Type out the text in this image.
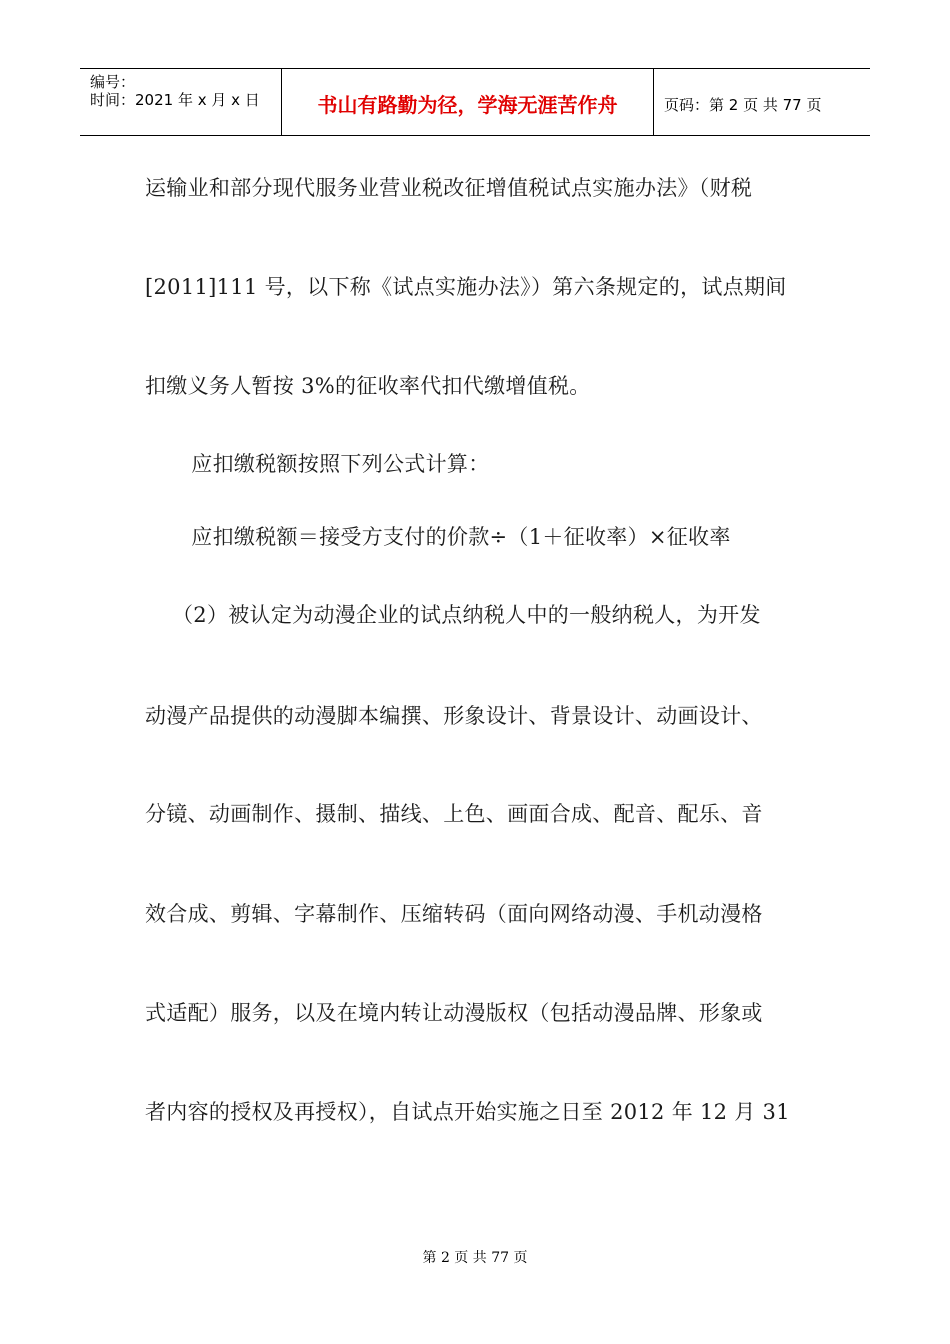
编号：
时间：2021 年 x 月 x 日	书山有路勤为径，学海无涯苦作舟	页码：第 2 页 共 77 页
运输业和部分现代服务业营业税改征增值税试点实施办法》（财税
[2011]111 号，以下称《试点实施办法》）第六条规定的，试点期间
扣缴义务人暂按 3%的征收率代扣代缴增值税。
　应扣缴税额按照下列公式计算：
　应扣缴税额＝接受方支付的价款÷（1＋征收率）×征收率
（2）被认定为动漫企业的试点纳税人中的一般纳税人，为开发
动漫产品提供的动漫脚本编撰、形象设计、背景设计、动画设计、
分镜、动画制作、摄制、描线、上色、画面合成、配音、配乐、音
效合成、剪辑、字幕制作、压缩转码（面向网络动漫、手机动漫格
式适配）服务，以及在境内转让动漫版权（包括动漫品牌、形象或
者内容的授权及再授权），自试点开始实施之日至 2012 年 12 月 31
第 2 页 共 77 页
